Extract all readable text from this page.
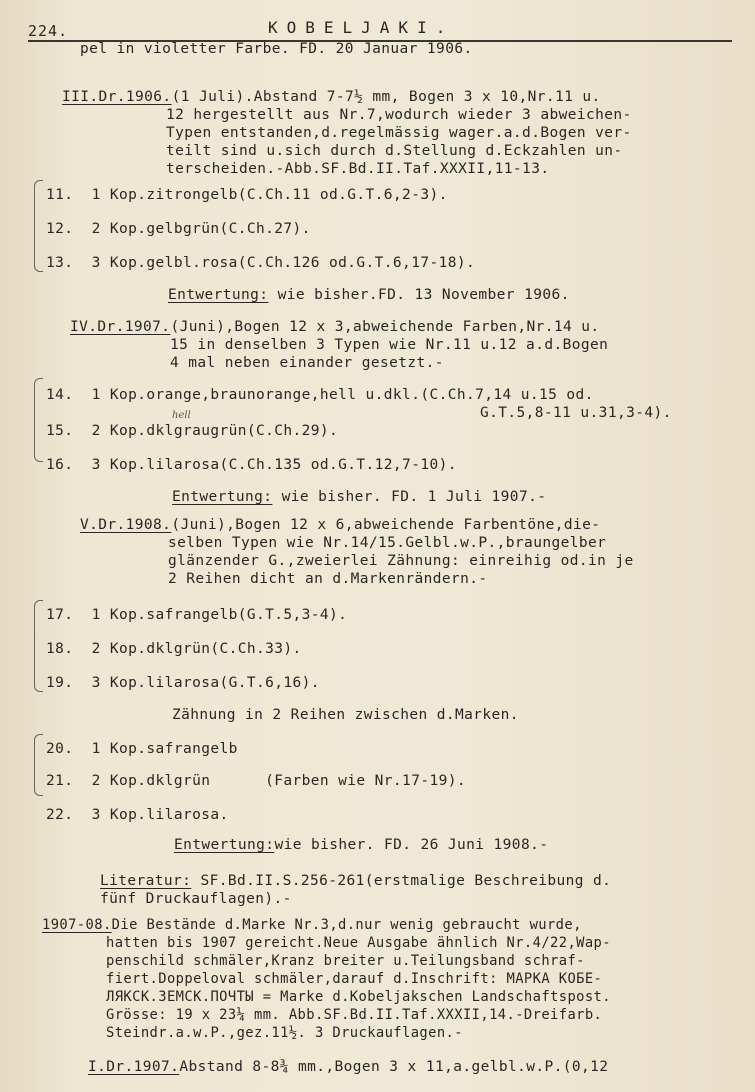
224.	KOBELJAKI.
pel in violetter Farbe. FD. 20 Januar 1906.
III.Dr.1906.(1 Juli).Abstand 7-7½ mm, Bogen 3 x 10,Nr.11 u.
12 hergestellt aus Nr.7,wodurch wieder 3 abweichen-
Typen entstanden,d.regelmässig wager.a.d.Bogen ver-
teilt sind u.sich durch d.Stellung d.Eckzahlen un-
terscheiden.-Abb.SF.Bd.II.Taf.XXXII,11-13.
11.  1 Kop.zitrongelb(C.Ch.11 od.G.T.6,2-3).
12.  2 Kop.gelbgrün(C.Ch.27).
13.  3 Kop.gelbl.rosa(C.Ch.126 od.G.T.6,17-18).
Entwertung: wie bisher.FD. 13 November 1906.
IV.Dr.1907.(Juni),Bogen 12 x 3,abweichende Farben,Nr.14 u.
15 in denselben 3 Typen wie Nr.11 u.12 a.d.Bogen
4 mal neben einander gesetzt.-
14.  1 Kop.orange,braunorange,hell u.dkl.(C.Ch.7,14 u.15 od.
G.T.5,8-11 u.31,3-4).
hell
15.  2 Kop.dklgraugrün(C.Ch.29).
16.  3 Kop.lilarosa(C.Ch.135 od.G.T.12,7-10).
Entwertung: wie bisher. FD. 1 Juli 1907.-
V.Dr.1908.(Juni),Bogen 12 x 6,abweichende Farbentöne,die-
selben Typen wie Nr.14/15.Gelbl.w.P.,braungelber
glänzender G.,zweierlei Zähnung: einreihig od.in je
2 Reihen dicht an d.Markenrändern.-
17.  1 Kop.safrangelb(G.T.5,3-4).
18.  2 Kop.dklgrün(C.Ch.33).
19.  3 Kop.lilarosa(G.T.6,16).
Zähnung in 2 Reihen zwischen d.Marken.
20.  1 Kop.safrangelb
21.  2 Kop.dklgrün      (Farben wie Nr.17-19).
22.  3 Kop.lilarosa.
Entwertung:wie bisher. FD. 26 Juni 1908.-
Literatur: SF.Bd.II.S.256-261(erstmalige Beschreibung d.
fünf Druckauflagen).-
1907-08.Die Bestände d.Marke Nr.3,d.nur wenig gebraucht wurde,
hatten bis 1907 gereicht.Neue Ausgabe ähnlich Nr.4/22,Wap-
penschild schmäler,Kranz breiter u.Teilungsband schraf-
fiert.Doppeloval schmäler,darauf d.Inschrift: МАРКА КОБЕ-
ЛЯКСК.ЗЕМСК.ПОЧТЫ = Marke d.Kobeljakschen Landschaftspost.
Grösse: 19 x 23¼ mm. Abb.SF.Bd.II.Taf.XXXII,14.-Dreifarb.
Steindr.a.w.P.,gez.11½. 3 Druckauflagen.-
I.Dr.1907.Abstand 8-8¾ mm.,Bogen 3 x 11,a.gelbl.w.P.(0,12
